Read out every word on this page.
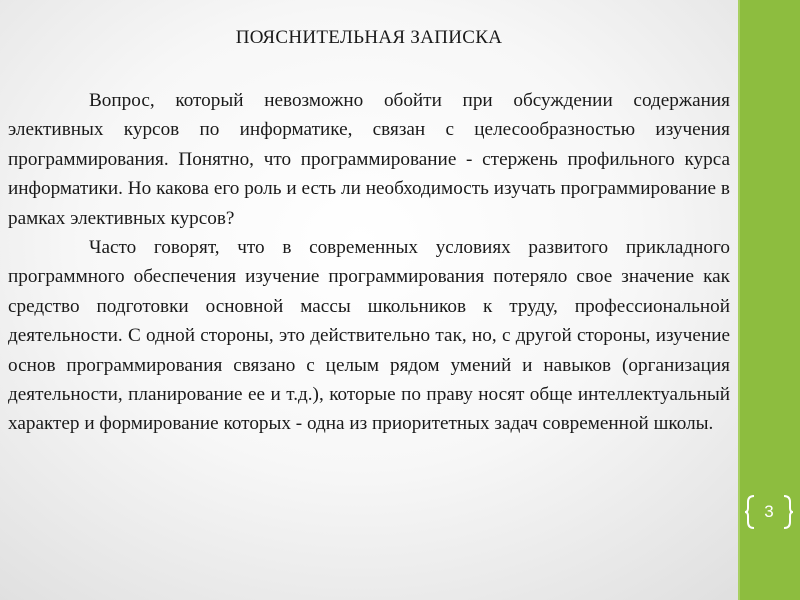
ПОЯСНИТЕЛЬНАЯ ЗАПИСКА

Вопрос, который невозможно обойти при обсуждении содержания элективных курсов по информатике, связан с целесообразностью изучения программирования. Понятно, что программирование - стержень профильного курса информатики. Но какова его роль и есть ли необходимость изучать программирование в рамках элективных курсов?

Часто говорят, что в современных условиях развитого прикладного программного обеспечения изучение программирования потеряло свое значение как средство подготовки основной массы школьников к труду, профессиональной деятельности. С одной стороны, это действительно так, но, с другой стороны, изучение основ программирования связано с целым рядом умений и навыков (организация деятельности, планирование ее и т.д.), которые по праву носят обще интеллектуальный характер и формирование которых - одна из приоритетных задач современной школы.

3
